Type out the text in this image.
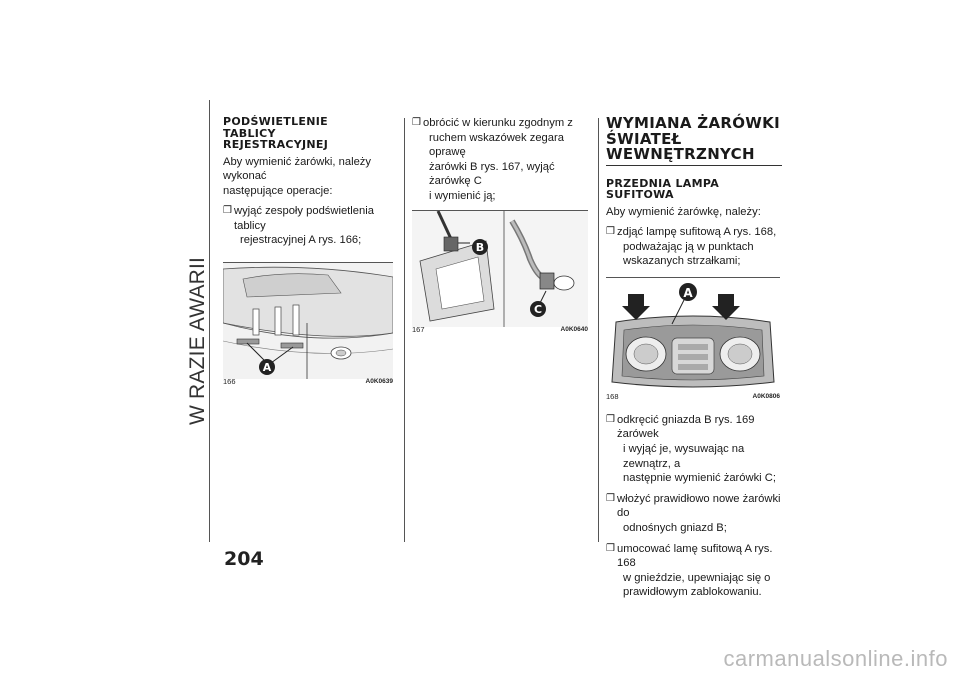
W RAZIE AWARII
PODŚWIETLENIE
TABLICY
REJESTRACYJNEJ
Aby wymienić żarówki, należy wykonać
następujące operacje:
❒ wyjąć zespoły podświetlenia tablicy
rejestracyjnej A rys. 166;
A
166	A0K0639
❒ obrócić w kierunku zgodnym z
ruchem wskazówek zegara oprawę
żarówki B rys. 167, wyjąć żarówkę C
i wymienić ją;
B
C
167	A0K0640
WYMIANA ŻARÓWKI
ŚWIATEŁ
WEWNĘTRZNYCH
PRZEDNIA LAMPA
SUFITOWA
Aby wymienić żarówkę, należy:
❒ zdjąć lampę sufitową A rys. 168,
podważając ją w punktach
wskazanych strzałkami;
A
168	A0K0806
❒ odkręcić gniazda B rys. 169 żarówek
i wyjąć je, wysuwając na zewnątrz, a
następnie wymienić żarówki C;
❒ włożyć prawidłowo nowe żarówki do
odnośnych gniazd B;
❒ umocować lamę sufitową A rys. 168
w gnieździe, upewniając się o
prawidłowym zablokowaniu.
204
carmanualsonline.info
